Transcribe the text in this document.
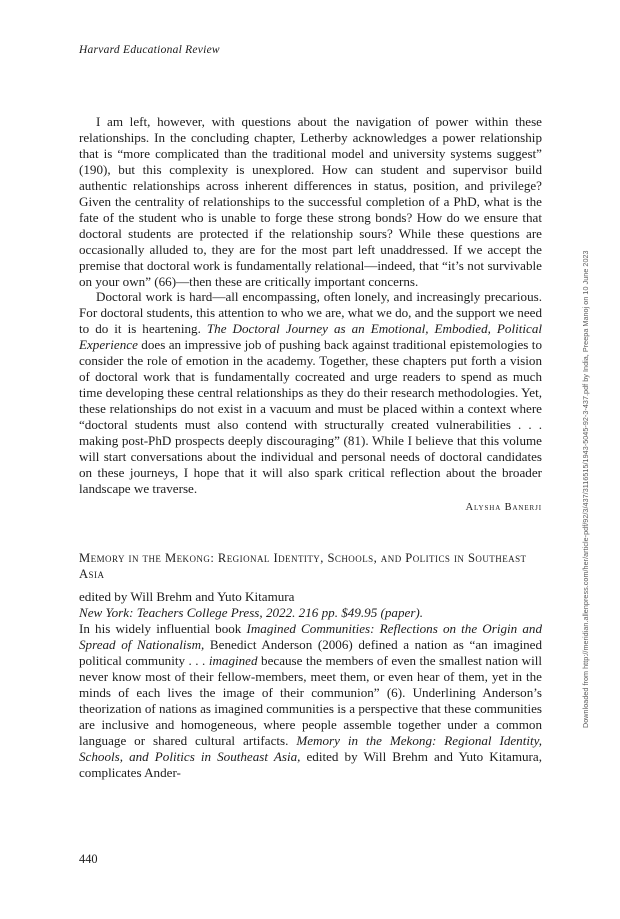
Harvard Educational Review

I am left, however, with questions about the navigation of power within these relationships. In the concluding chapter, Letherby acknowledges a power relationship that is “more complicated than the traditional model and university systems suggest” (190), but this complexity is unexplored. How can student and supervisor build authentic relationships across inherent differences in status, position, and privilege? Given the centrality of relationships to the successful completion of a PhD, what is the fate of the student who is unable to forge these strong bonds? How do we ensure that doctoral students are protected if the relationship sours? While these questions are occasionally alluded to, they are for the most part left unaddressed. If we accept the premise that doctoral work is fundamentally relational—indeed, that “it’s not survivable on your own” (66)—then these are critically important concerns.

Doctoral work is hard—all encompassing, often lonely, and increasingly precarious. For doctoral students, this attention to who we are, what we do, and the support we need to do it is heartening. The Doctoral Journey as an Emotional, Embodied, Political Experience does an impressive job of pushing back against traditional epistemologies to consider the role of emotion in the academy. Together, these chapters put forth a vision of doctoral work that is fundamentally cocreated and urge readers to spend as much time developing these central relationships as they do their research methodologies. Yet, these relationships do not exist in a vacuum and must be placed within a context where “doctoral students must also contend with structurally created vulnerabilities . . . making post-PhD prospects deeply discouraging” (81). While I believe that this volume will start conversations about the individual and personal needs of doctoral candidates on these journeys, I hope that it will also spark critical reflection about the broader landscape we traverse.

Alysha Banerji

Memory in the Mekong: Regional Identity, Schools, and Politics in Southeast Asia

edited by Will Brehm and Yuto Kitamura

New York: Teachers College Press, 2022. 216 pp. $49.95 (paper).

In his widely influential book Imagined Communities: Reflections on the Origin and Spread of Nationalism, Benedict Anderson (2006) defined a nation as “an imagined political community . . . imagined because the members of even the smallest nation will never know most of their fellow-members, meet them, or even hear of them, yet in the minds of each lives the image of their communion” (6). Underlining Anderson’s theorization of nations as imagined communities is a perspective that these communities are inclusive and homogeneous, where people assemble together under a common language or shared cultural artifacts. Memory in the Mekong: Regional Identity, Schools, and Politics in Southeast Asia, edited by Will Brehm and Yuto Kitamura, complicates Ander-

440
Downloaded from http://meridian.allenpress.com/her/article-pdf/92/3/437/3116515/1943-5045-92-3-437.pdf by India, Preepa Manoj on 10 June 2023
